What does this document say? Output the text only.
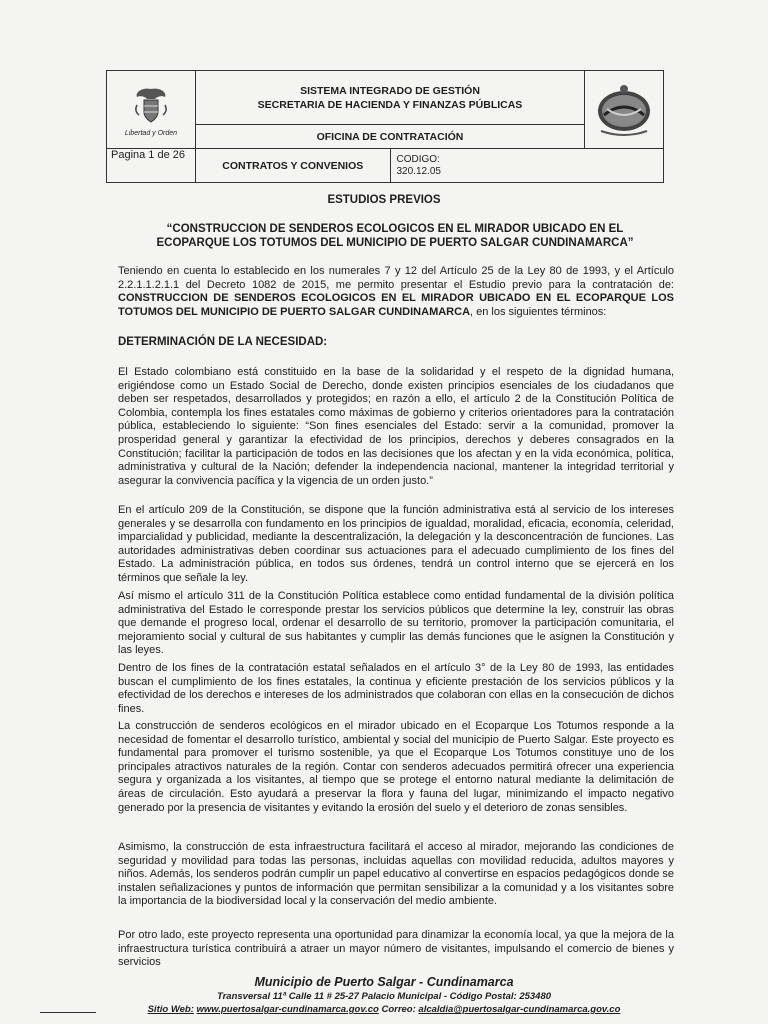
Libertad y Orden	SISTEMA INTEGRADO DE GESTIÓN
SECRETARIA DE HACIENDA Y FINANZAS PÚBLICAS

	OFICINA DE CONTRATACIÓN		
Pagina 1 de 26	CONTRATOS Y CONVENIOS	CODIGO:
320.12.05	
ESTUDIOS PREVIOS
“CONSTRUCCION DE SENDEROS ECOLOGICOS EN EL MIRADOR UBICADO EN EL ECOPARQUE LOS TOTUMOS DEL MUNICIPIO DE PUERTO SALGAR CUNDINAMARCA”

Teniendo en cuenta lo establecido en los numerales 7 y 12 del Artículo 25 de la Ley 80 de 1993, y el Artículo 2.2.1.1.2.1.1 del Decreto 1082 de 2015, me permito presentar el Estudio previo para la contratación de: CONSTRUCCION DE SENDEROS ECOLOGICOS EN EL MIRADOR UBICADO EN EL ECOPARQUE LOS TOTUMOS DEL MUNICIPIO DE PUERTO SALGAR CUNDINAMARCA, en los siguientes términos:

DETERMINACIÓN DE LA NECESIDAD:

El Estado colombiano está constituido en la base de la solidaridad y el respeto de la dignidad humana, erigiéndose como un Estado Social de Derecho, donde existen principios esenciales de los ciudadanos que deben ser respetados, desarrollados y protegidos; en razón a ello, el artículo 2 de la Constitución Política de Colombia, contempla los fines estatales como máximas de gobierno y criterios orientadores para la contratación pública, estableciendo lo siguiente: “Son fines esenciales del Estado: servir a la comunidad, promover la prosperidad general y garantizar la efectividad de los principios, derechos y deberes consagrados en la Constitución; facilitar la participación de todos en las decisiones que los afectan y en la vida económica, política, administrativa y cultural de la Nación; defender la independencia nacional, mantener la integridad territorial y asegurar la convivencia pacífica y la vigencia de un orden justo.”

En el artículo 209 de la Constitución, se dispone que la función administrativa está al servicio de los intereses generales y se desarrolla con fundamento en los principios de igualdad, moralidad, eficacia, economía, celeridad, imparcialidad y publicidad, mediante la descentralización, la delegación y la desconcentración de funciones. Las autoridades administrativas deben coordinar sus actuaciones para el adecuado cumplimiento de los fines del Estado. La administración pública, en todos sus órdenes, tendrá un control interno que se ejercerá en los términos que señale la ley.

Así mismo el artículo 311 de la Constitución Política establece como entidad fundamental de la división política administrativa del Estado le corresponde prestar los servicios públicos que determine la ley, construir las obras que demande el progreso local, ordenar el desarrollo de su territorio, promover la participación comunitaria, el mejoramiento social y cultural de sus habitantes y cumplir las demás funciones que le asignen la Constitución y las leyes.

Dentro de los fines de la contratación estatal señalados en el artículo 3° de la Ley 80 de 1993, las entidades buscan el cumplimiento de los fines estatales, la continua y eficiente prestación de los servicios públicos y la efectividad de los derechos e intereses de los administrados que colaboran con ellas en la consecución de dichos fines.

La construcción de senderos ecológicos en el mirador ubicado en el Ecoparque Los Totumos responde a la necesidad de fomentar el desarrollo turístico, ambiental y social del municipio de Puerto Salgar. Este proyecto es fundamental para promover el turismo sostenible, ya que el Ecoparque Los Totumos constituye uno de los principales atractivos naturales de la región. Contar con senderos adecuados permitirá ofrecer una experiencia segura y organizada a los visitantes, al tiempo que se protege el entorno natural mediante la delimitación de áreas de circulación. Esto ayudará a preservar la flora y fauna del lugar, minimizando el impacto negativo generado por la presencia de visitantes y evitando la erosión del suelo y el deterioro de zonas sensibles.

Asimismo, la construcción de esta infraestructura facilitará el acceso al mirador, mejorando las condiciones de seguridad y movilidad para todas las personas, incluidas aquellas con movilidad reducida, adultos mayores y niños. Además, los senderos podrán cumplir un papel educativo al convertirse en espacios pedagógicos donde se instalen señalizaciones y puntos de información que permitan sensibilizar a la comunidad y a los visitantes sobre la importancia de la biodiversidad local y la conservación del medio ambiente.

Por otro lado, este proyecto representa una oportunidad para dinamizar la economía local, ya que la mejora de la infraestructura turística contribuirá a atraer un mayor número de visitantes, impulsando el comercio de bienes y servicios

Municipio de Puerto Salgar - Cundinamarca
Transversal 11ª Calle 11 # 25-27 Palacio Municipal - Código Postal: 253480
Sitio Web: www.puertosalgar-cundinamarca.gov.co Correo: alcaldia@puertosalgar-cundinamarca.gov.co
